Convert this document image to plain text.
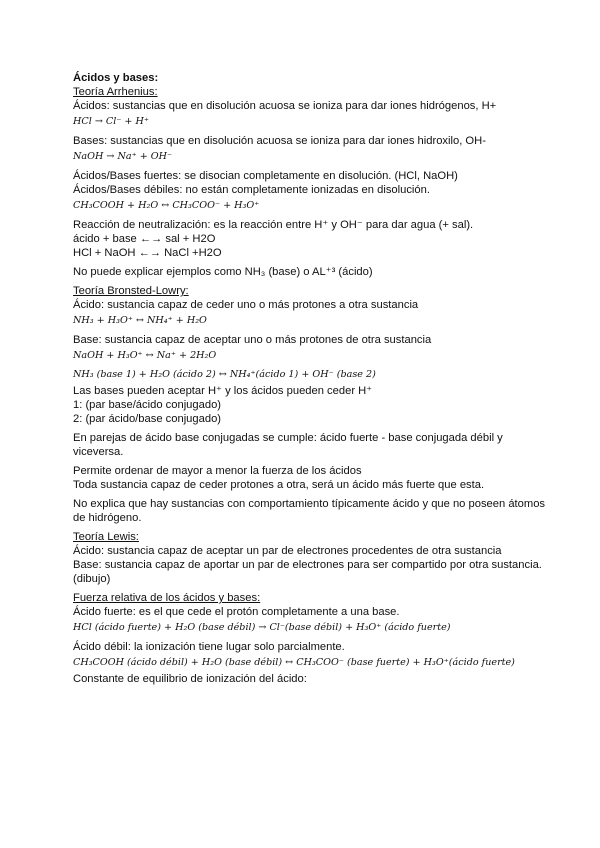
Ácidos y bases:
Teoría Arrhenius:
Ácidos: sustancias que en disolución acuosa se ioniza para dar iones hidrógenos, H+
HCl → Cl⁻ + H⁺
Bases: sustancias que en disolución acuosa se ioniza para dar iones hidroxilo, OH-
NaOH → Na⁺ + OH⁻
Ácidos/Bases fuertes: se disocian completamente en disolución. (HCl, NaOH)
Ácidos/Bases débiles: no están completamente ionizadas en disolución.
CH₃COOH + H₂O ↔ CH₃COO⁻ + H₃O⁺
Reacción de neutralización: es la reacción entre H⁺ y OH⁻ para dar agua (+ sal).
ácido + base ←→ sal + H2O
HCl + NaOH ←→ NaCl +H2O
No puede explicar ejemplos como NH₃ (base) o AL⁺³ (ácido)
Teoría Bronsted-Lowry:
Ácido: sustancia capaz de ceder uno o más protones a otra sustancia
NH₃ + H₃O⁺ ↔ NH₄⁺ + H₂O
Base: sustancia capaz de aceptar uno o más protones de otra sustancia
NaOH + H₃O⁺ ↔ Na⁺ + 2H₂O
NH₃ (base 1) + H₂O (ácido 2) ↔ NH₄⁺(ácido 1) + OH⁻ (base 2)
Las bases pueden aceptar H⁺ y los ácidos pueden ceder H⁺
1: (par base/ácido conjugado)
2: (par ácido/base conjugado)
En parejas de ácido base conjugadas se cumple: ácido fuerte - base conjugada débil y viceversa.
Permite ordenar de mayor a menor la fuerza de los ácidos
Toda sustancia capaz de ceder protones a otra, será un ácido más fuerte que esta.
No explica que hay sustancias con comportamiento típicamente ácido y que no poseen átomos de hidrógeno.
Teoría Lewis:
Ácido: sustancia capaz de aceptar un par de electrones procedentes de otra sustancia
Base: sustancia capaz de aportar un par de electrones para ser compartido por otra sustancia. (dibujo)
Fuerza relativa de los ácidos y bases:
Ácido fuerte: es el que cede el protón completamente a una base.
HCl (ácido fuerte) + H₂O (base débil) → Cl⁻(base débil) + H₃O⁺ (ácido fuerte)
Ácido débil: la ionización tiene lugar solo parcialmente.
CH₃COOH (ácido débil) + H₂O (base débil) ↔ CH₃COO⁻ (base fuerte) + H₃O⁺(ácido fuerte)
Constante de equilibrio de ionización del ácido:
